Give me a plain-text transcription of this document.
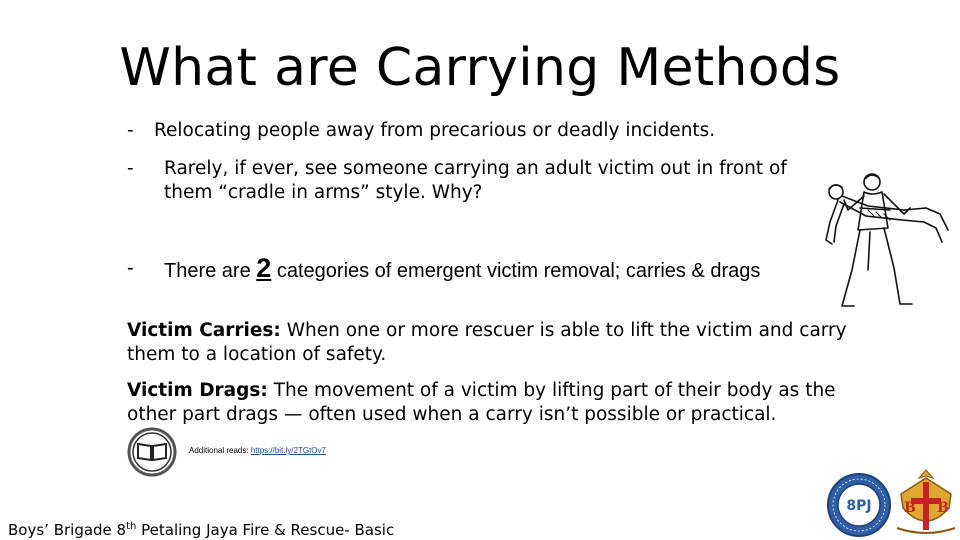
What are Carrying Methods
- Relocating people away from precarious or deadly incidents.
- Rarely, if ever, see someone carrying an adult victim out in front of them “cradle in arms” style. Why?
- There are 2 categories of emergent victim removal; carries & drags
Victim Carries: When one or more rescuer is able to lift the victim and carry them to a location of safety.
Victim Drags: The movement of a victim by lifting part of their body as the other part drags — often used when a carry isn’t possible or practical.
Additional reads: https://bit.ly/2TGtOv7
8PJ B B
Boys’ Brigade 8th Petaling Jaya Fire & Rescue- Basic
